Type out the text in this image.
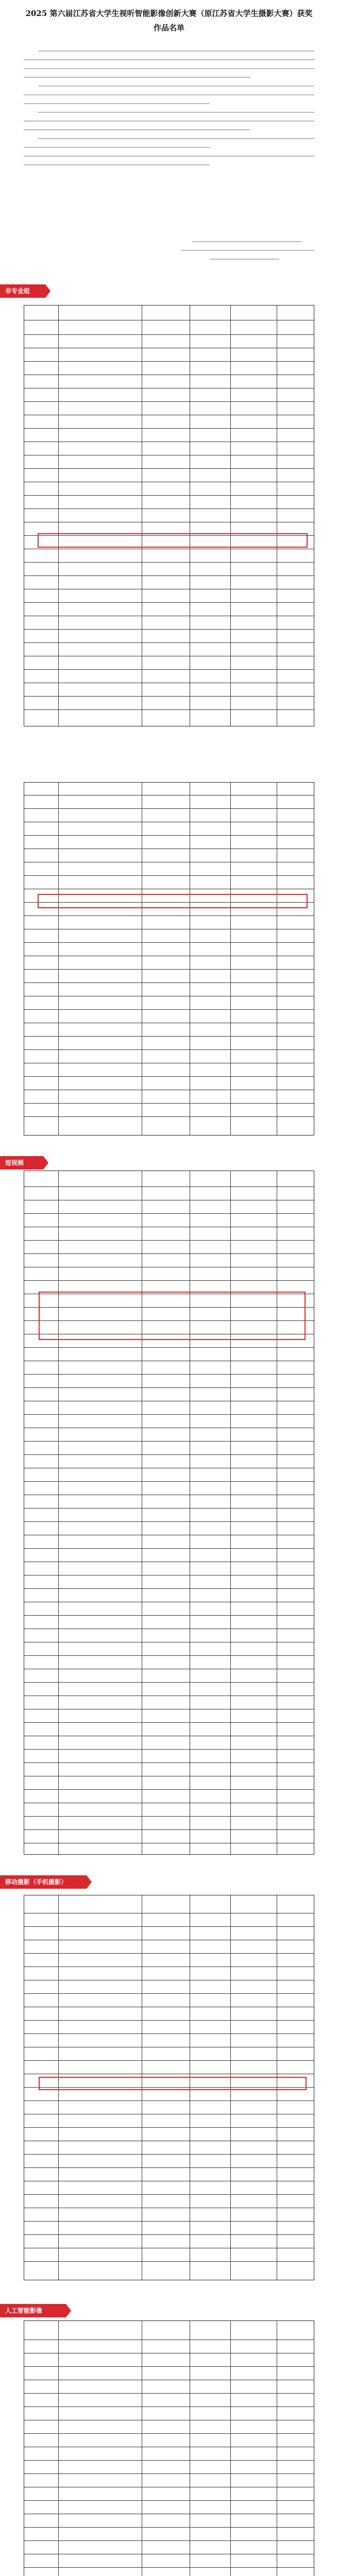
2025 第六届江苏省大学生视听智能影像创新大赛（原江苏省大学生摄影大赛）获奖作品名单
非专业组
短视频
移动摄影（手机摄影）
人工智能影像
